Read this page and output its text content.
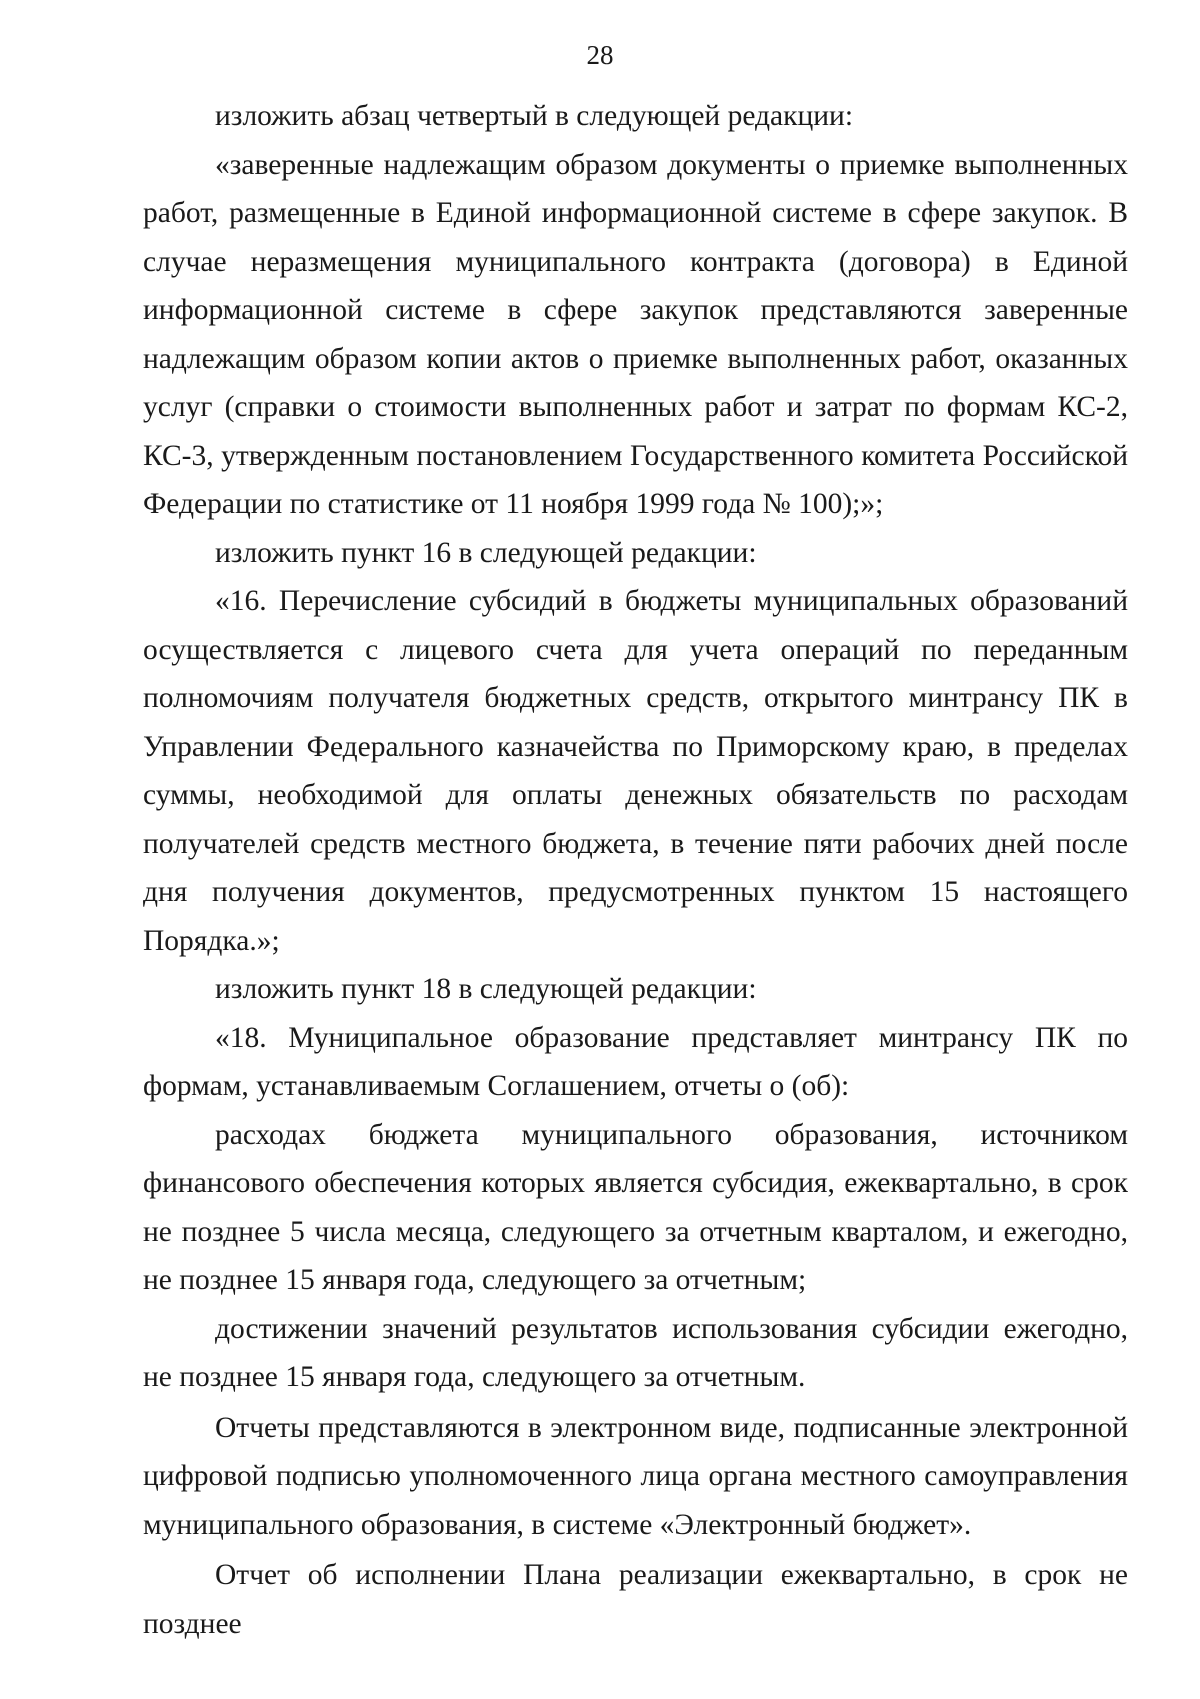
28

изложить абзац четвертый в следующей редакции:

«заверенные надлежащим образом документы о приемке выполненных работ, размещенные в Единой информационной системе в сфере закупок. В случае неразмещения муниципального контракта (договора) в Единой информационной системе в сфере закупок представляются заверенные надлежащим образом копии актов о приемке выполненных работ, оказанных услуг (справки о стоимости выполненных работ и затрат по формам КС-2, КС-3, утвержденным постановлением Государственного комитета Российской Федерации по статистике от 11 ноября 1999 года № 100);»;

изложить пункт 16 в следующей редакции:

«16. Перечисление субсидий в бюджеты муниципальных образований осуществляется с лицевого счета для учета операций по переданным полномочиям получателя бюджетных средств, открытого минтрансу ПК в Управлении Федерального казначейства по Приморскому краю, в пределах суммы, необходимой для оплаты денежных обязательств по расходам получателей средств местного бюджета, в течение пяти рабочих дней после дня получения документов, предусмотренных пунктом 15 настоящего Порядка.»;

изложить пункт 18 в следующей редакции:

«18. Муниципальное образование представляет минтрансу ПК по формам, устанавливаемым Соглашением, отчеты о (об):

расходах бюджета муниципального образования, источником финансового обеспечения которых является субсидия, ежеквартально, в срок не позднее 5 числа месяца, следующего за отчетным кварталом, и ежегодно, не позднее 15 января года, следующего за отчетным;

достижении значений результатов использования субсидии ежегодно, не позднее 15 января года, следующего за отчетным.

Отчеты представляются в электронном виде, подписанные электронной цифровой подписью уполномоченного лица органа местного самоуправления муниципального образования, в системе «Электронный бюджет».

Отчет об исполнении Плана реализации ежеквартально, в срок не позднее
